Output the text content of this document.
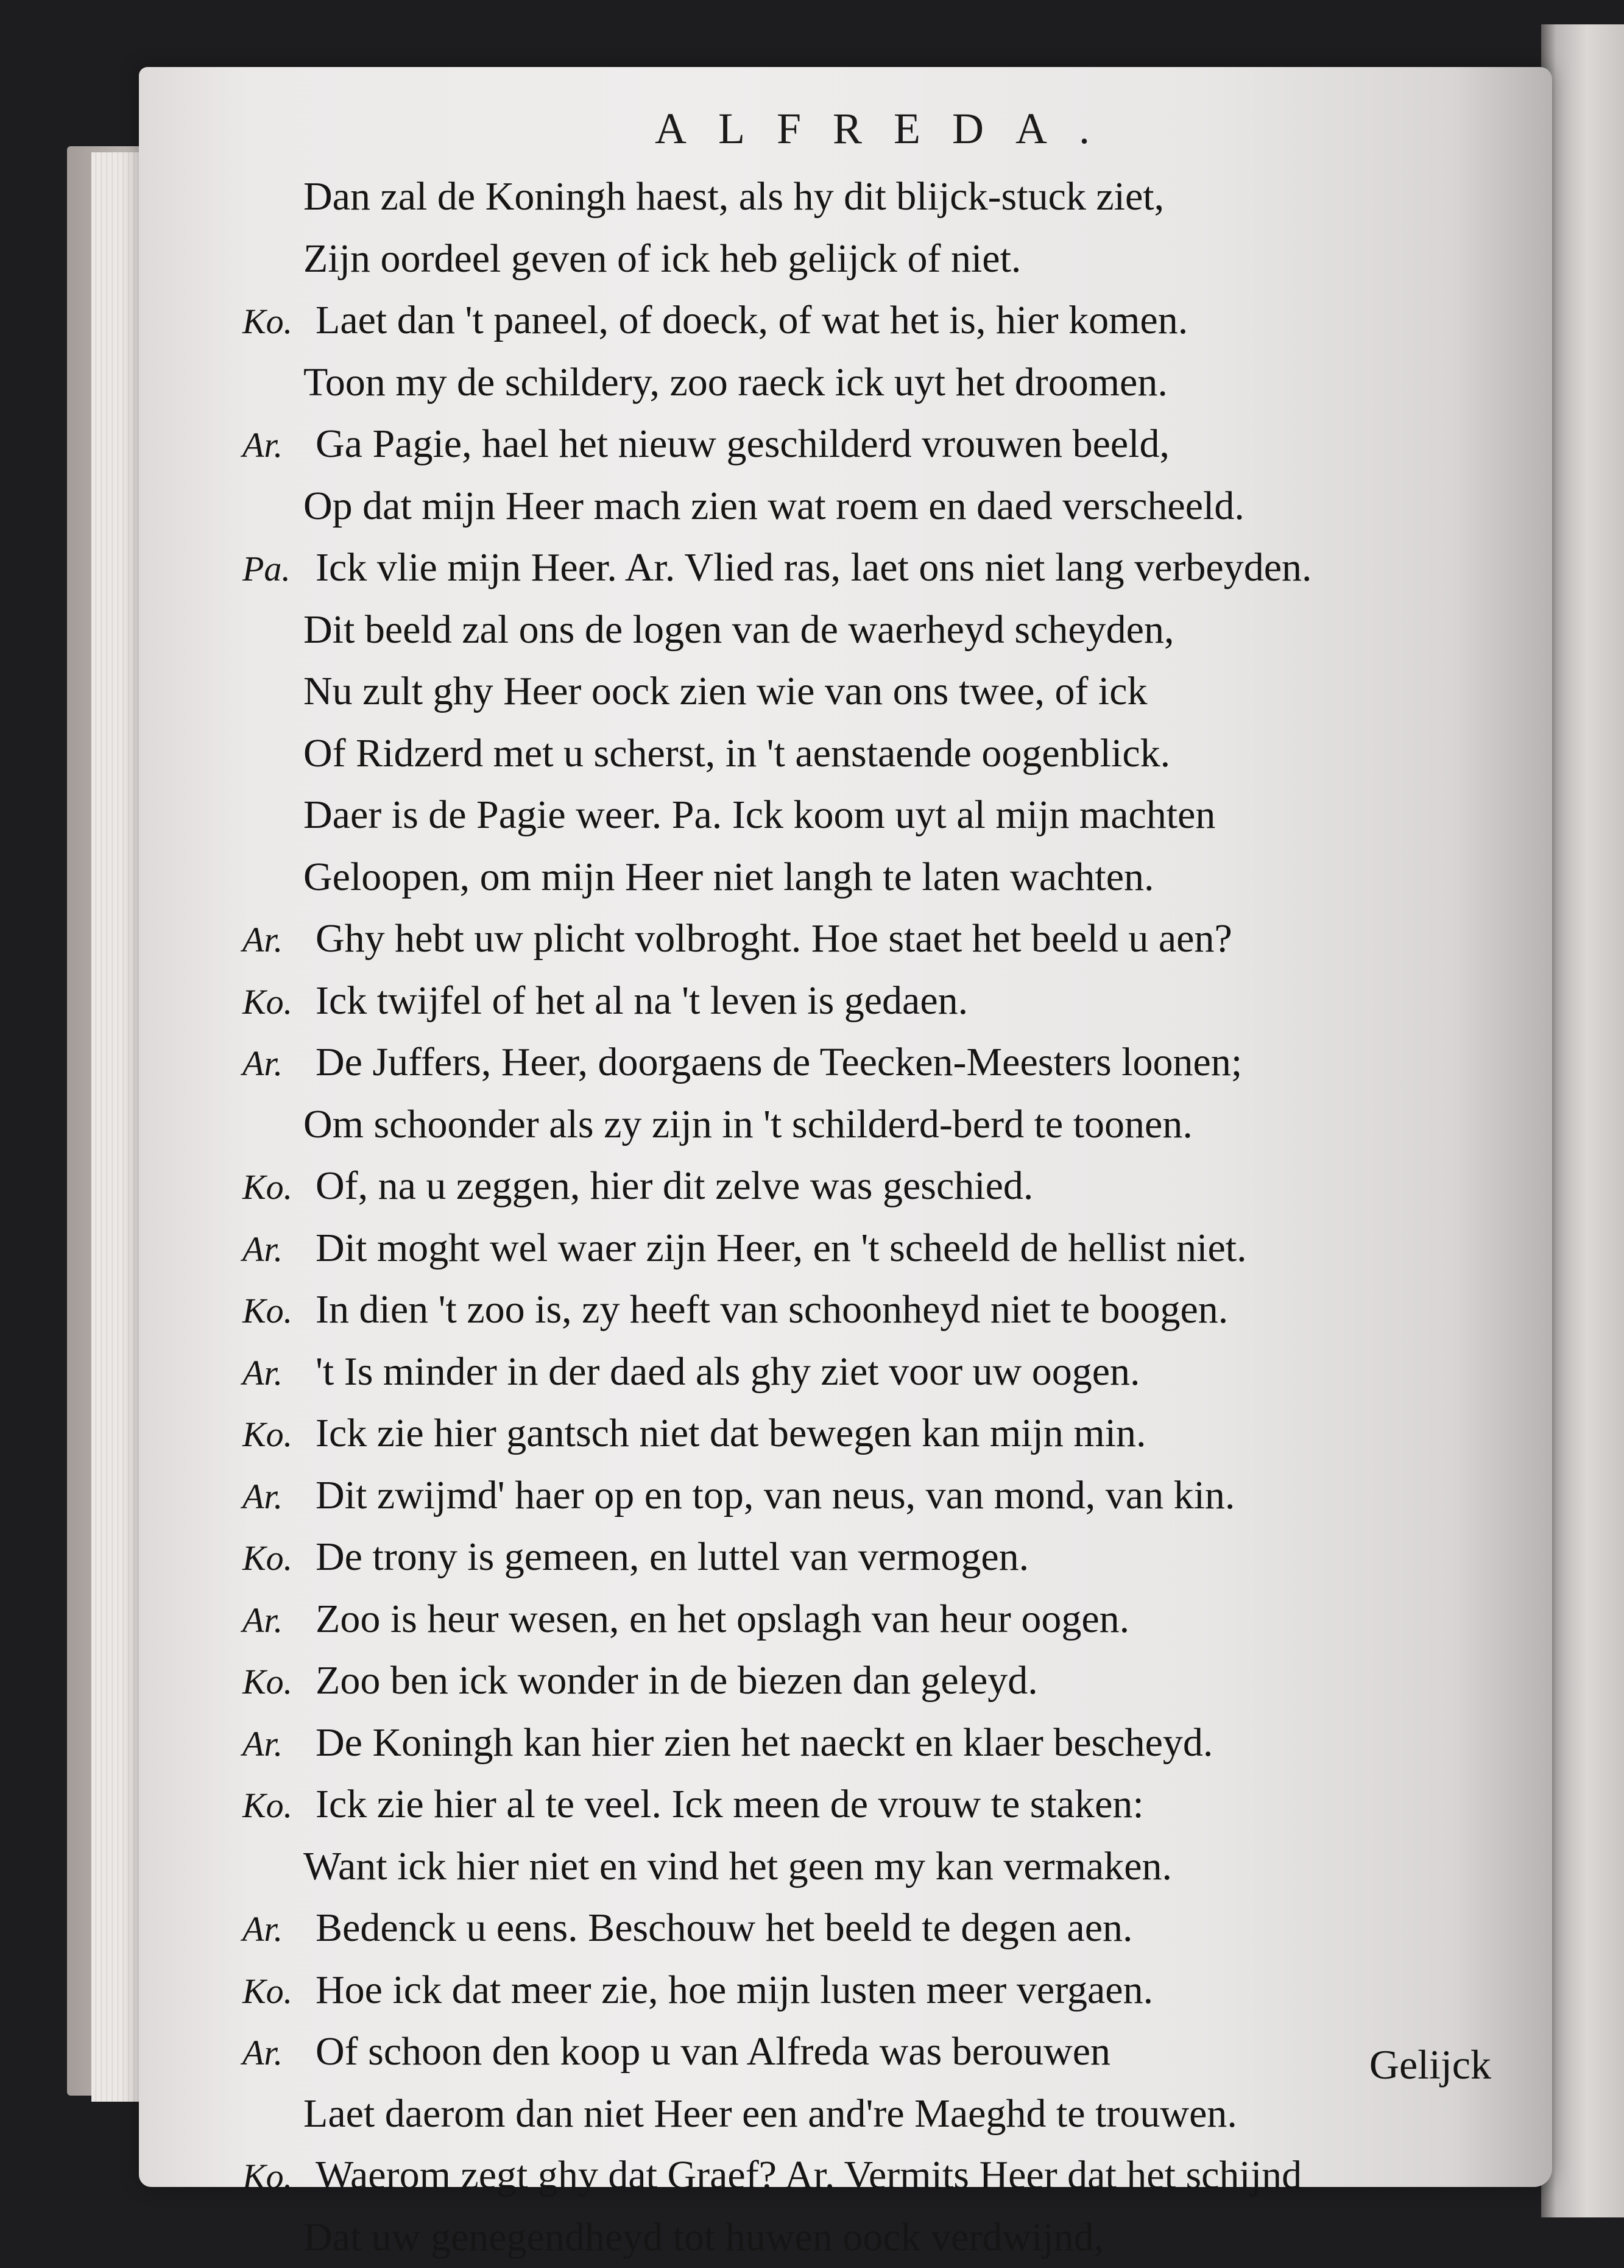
ALFREDA.
Dan zal de Koningh haest, als hy dit blijck-stuck ziet,
Zijn oordeel geven of ick heb gelijck of niet.
Ko. Laet dan 't paneel, of doeck, of wat het is, hier komen.
Toon my de schildery, zoo raeck ick uyt het droomen.
Ar. Ga Pagie, hael het nieuw geschilderd vrouwen beeld,
Op dat mijn Heer mach zien wat roem en daed verscheeld.
Pa. Ick vlie mijn Heer. Ar. Vlied ras, laet ons niet lang verbeyden.
Dit beeld zal ons de logen van de waerheyd scheyden,
Nu zult ghy Heer oock zien wie van ons twee, of ick
Of Ridzerd met u scherst, in 't aenstaende oogenblick.
Daer is de Pagie weer. Pa. Ick koom uyt al mijn machten
Geloopen, om mijn Heer niet langh te laten wachten.
Ar. Ghy hebt uw plicht volbroght. Hoe staet het beeld u aen?
Ko. Ick twijfel of het al na 't leven is gedaen.
Ar. De Juffers, Heer, doorgaens de Teecken-Meesters loonen;
Om schoonder als zy zijn in 't schilderd-berd te toonen.
Ko. Of, na u zeggen, hier dit zelve was geschied.
Ar. Dit moght wel waer zijn Heer, en 't scheeld de hellist niet.
Ko. In dien 't zoo is, zy heeft van schoonheyd niet te boogen.
Ar. 't Is minder in der daed als ghy ziet voor uw oogen.
Ko. Ick zie hier gantsch niet dat bewegen kan mijn min.
Ar. Dit zwijmd' haer op en top, van neus, van mond, van kin.
Ko. De trony is gemeen, en luttel van vermogen.
Ar. Zoo is heur wesen, en het opslagh van heur oogen.
Ko. Zoo ben ick wonder in de biezen dan geleyd.
Ar. De Koningh kan hier zien het naeckt en klaer bescheyd.
Ko. Ick zie hier al te veel. Ick meen de vrouw te staken:
Want ick hier niet en vind het geen my kan vermaken.
Ar. Bedenck u eens. Beschouw het beeld te degen aen.
Ko. Hoe ick dat meer zie, hoe mijn lusten meer vergaen.
Ar. Of schoon den koop u van Alfreda was berouwen
Laet daerom dan niet Heer een and're Maeghd te trouwen.
Ko. Waerom zegt ghy dat Graef? Ar. Vermits Heer dat het schijnd
Dat uw genegendheyd tot huwen oock verdwijnd,
Gelijck
